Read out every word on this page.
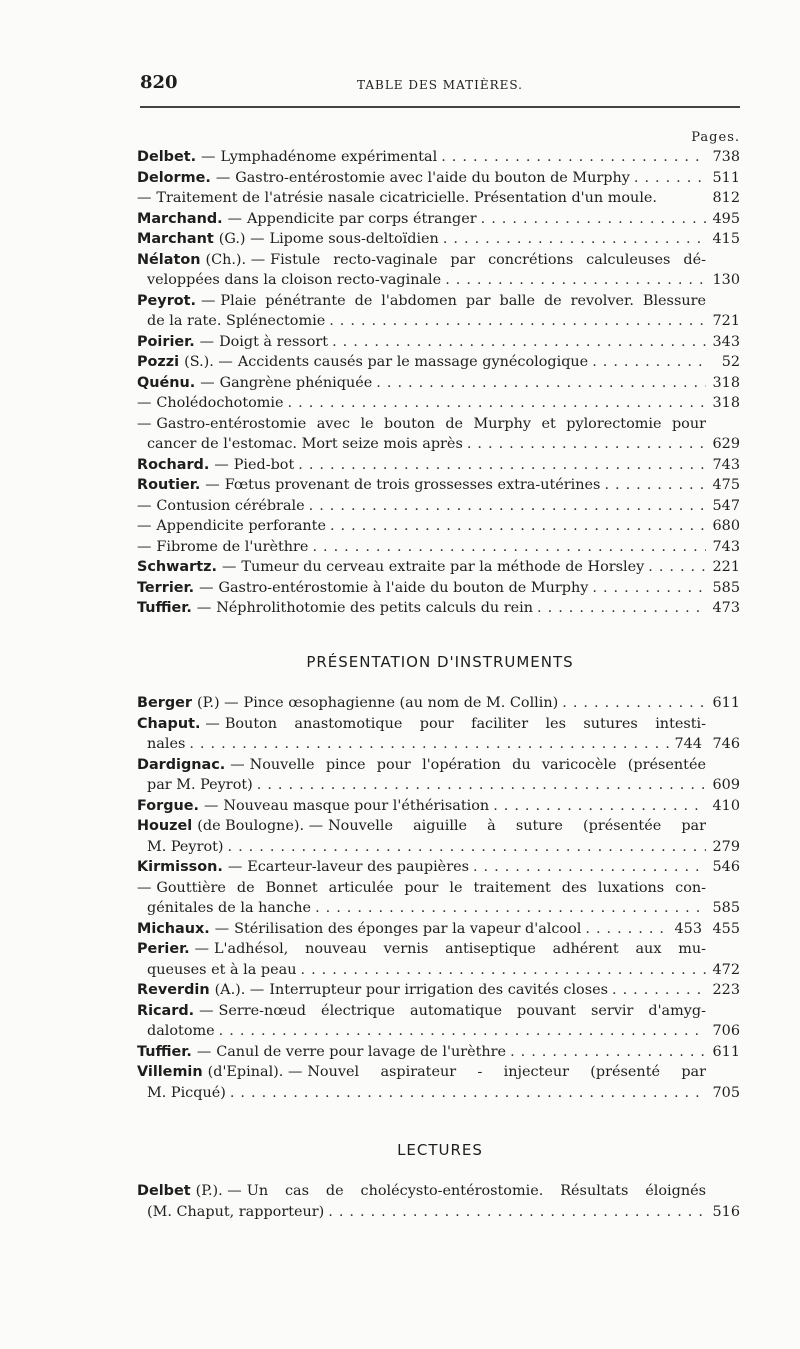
820	TABLE DES MATIÈRES.
Pages.
Delbet. — Lymphadénome expérimental .....	738
Delorme. — Gastro-entérostomie avec l'aide du bouton de Murphy .....	511
— Traitement de l'atrésie nasale cicatricielle. Présentation d'un moule.	812
Marchand. — Appendicite par corps étranger .....	495
Marchant (G.) — Lipome sous-deltoïdien .....	415
Nélaton (Ch.). — Fistule recto-vaginale par concrétions calculeuses dé-
veloppées dans la cloison recto-vaginale .....	130
Peyrot. — Plaie pénétrante de l'abdomen par balle de revolver. Blessure
de la rate. Splénectomie .....	721
Poirier. — Doigt à ressort .....	343
Pozzi (S.). — Accidents causés par le massage gynécologique .....	52
Quénu. — Gangrène phéniquée .....	318
— Cholédochotomie .....	318
— Gastro-entérostomie avec le bouton de Murphy et pylorectomie pour
cancer de l'estomac. Mort seize mois après .....	629
Rochard. — Pied-bot .....	743
Routier. — Fœtus provenant de trois grossesses extra-utérines .....	475
— Contusion cérébrale .....	547
— Appendicite perforante .....	680
— Fibrome de l'urèthre .....	743
Schwartz. — Tumeur du cerveau extraite par la méthode de Horsley .....	221
Terrier. — Gastro-entérostomie à l'aide du bouton de Murphy .....	585
Tuffier. — Néphrolithotomie des petits calculs du rein .....	473
PRÉSENTATION D'INSTRUMENTS
Berger (P.) — Pince œsophagienne (au nom de M. Collin) .....	611
Chaput. — Bouton anastomotique pour faciliter les sutures intesti-
nales .....	744 746
Dardignac. — Nouvelle pince pour l'opération du varicocèle (présentée
par M. Peyrot) .....	609
Forgue. — Nouveau masque pour l'éthérisation .....	410
Houzel (de Boulogne). — Nouvelle aiguille à suture (présentée par
M. Peyrot) .....	279
Kirmisson. — Ecarteur-laveur des paupières .....	546
— Gouttière de Bonnet articulée pour le traitement des luxations con-
génitales de la hanche .....	585
Michaux. — Stérilisation des éponges par la vapeur d'alcool .....	453 455
Perier. — L'adhésol, nouveau vernis antiseptique adhérent aux mu-
queuses et à la peau .....	472
Reverdin (A.). — Interrupteur pour irrigation des cavités closes .....	223
Ricard. — Serre-nœud électrique automatique pouvant servir d'amyg-
dalotome .....	706
Tuffier. — Canul de verre pour lavage de l'urèthre .....	611
Villemin (d'Epinal). — Nouvel aspirateur - injecteur (présenté par
M. Picqué) .....	705
LECTURES
Delbet (P.). — Un cas de cholécysto-entérostomie. Résultats éloignés
(M. Chaput, rapporteur) .....	516
